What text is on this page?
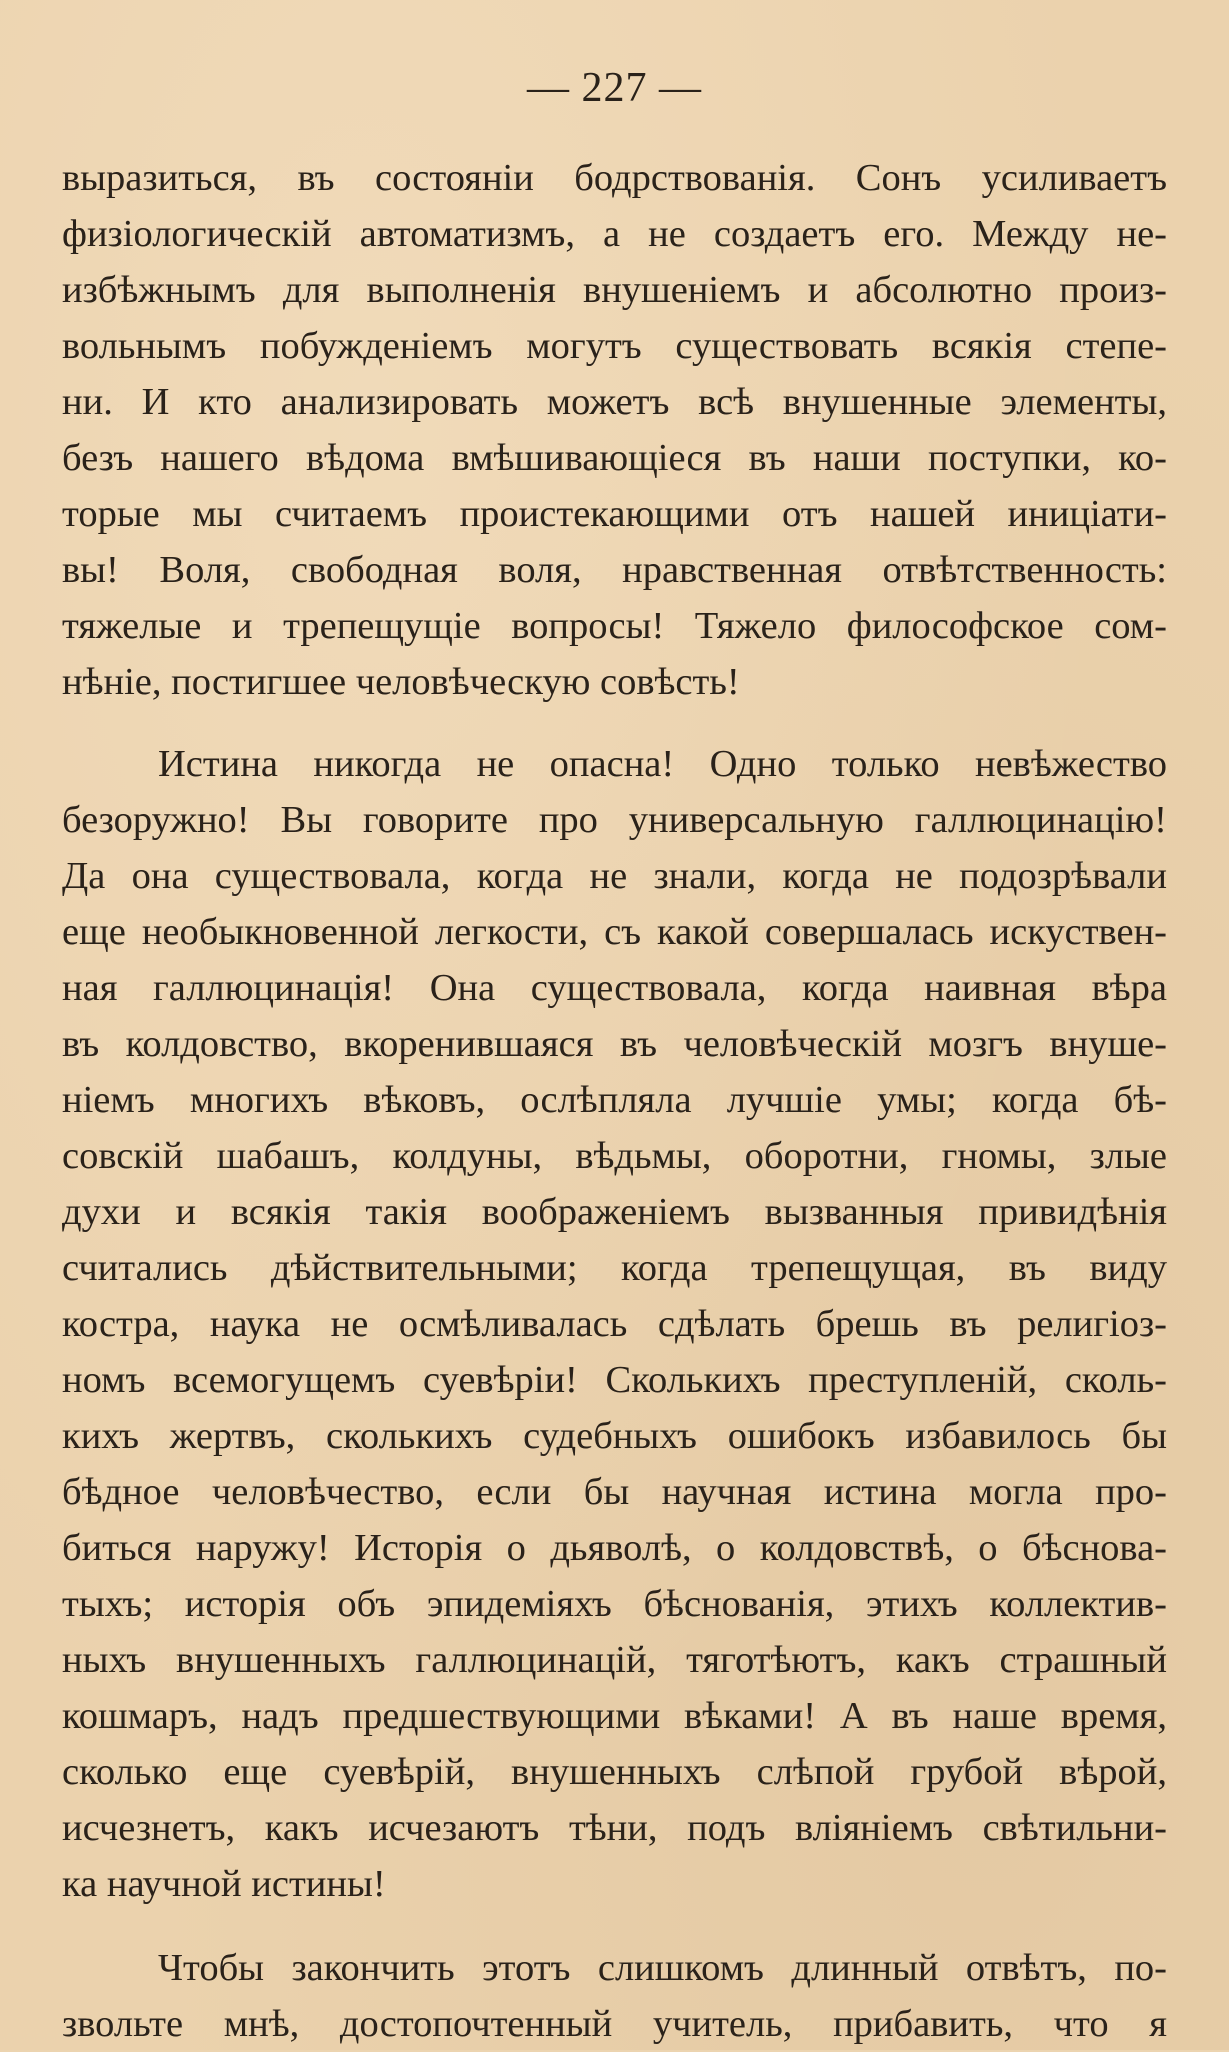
— 227 —
выразиться, въ состояніи бодрствованія. Сонъ усиливаетъ
физіологическій автоматизмъ, а не создаетъ его. Между не-
избѣжнымъ для выполненія внушеніемъ и абсолютно произ-
вольнымъ побужденіемъ могутъ существовать всякія степе-
ни. И кто анализировать можетъ всѣ внушенные элементы,
безъ нашего вѣдома вмѣшивающіеся въ наши поступки, ко-
торые мы считаемъ проистекающими отъ нашей иниціати-
вы! Воля, свободная воля, нравственная отвѣтственность:
тяжелые и трепещущіе вопросы! Тяжело философское сом-
нѣніе, постигшее человѣческую совѣсть!
Истина никогда не опасна! Одно только невѣжество
безоружно! Вы говорите про универсальную галлюцинацію!
Да она существовала, когда не знали, когда не подозрѣвали
еще необыкновенной легкости, съ какой совершалась искуствен-
ная галлюцинація! Она существовала, когда наивная вѣра
въ колдовство, вкоренившаяся въ человѣческій мозгъ внуше-
ніемъ многихъ вѣковъ, ослѣпляла лучшіе умы; когда бѣ-
совскій шабашъ, колдуны, вѣдьмы, оборотни, гномы, злые
духи и всякія такія воображеніемъ вызванныя привидѣнія
считались дѣйствительными; когда трепещущая, въ виду
костра, наука не осмѣливалась сдѣлать брешь въ религіоз-
номъ всемогущемъ суевѣріи! Сколькихъ преступленій, сколь-
кихъ жертвъ, сколькихъ судебныхъ ошибокъ избавилось бы
бѣдное человѣчество, если бы научная истина могла про-
биться наружу! Исторія о дьяволѣ, о колдовствѣ, о бѣснова-
тыхъ; исторія объ эпидеміяхъ бѣснованія, этихъ коллектив-
ныхъ внушенныхъ галлюцинацій, тяготѣютъ, какъ страшный
кошмаръ, надъ предшествующими вѣками! А въ наше время,
сколько еще суевѣрій, внушенныхъ слѣпой грубой вѣрой,
исчезнетъ, какъ исчезаютъ тѣни, подъ вліяніемъ свѣтильни-
ка научной истины!
Чтобы закончить этотъ слишкомъ длинный отвѣтъ, по-
звольте мнѣ, достопочтенный учитель, прибавить, что я
